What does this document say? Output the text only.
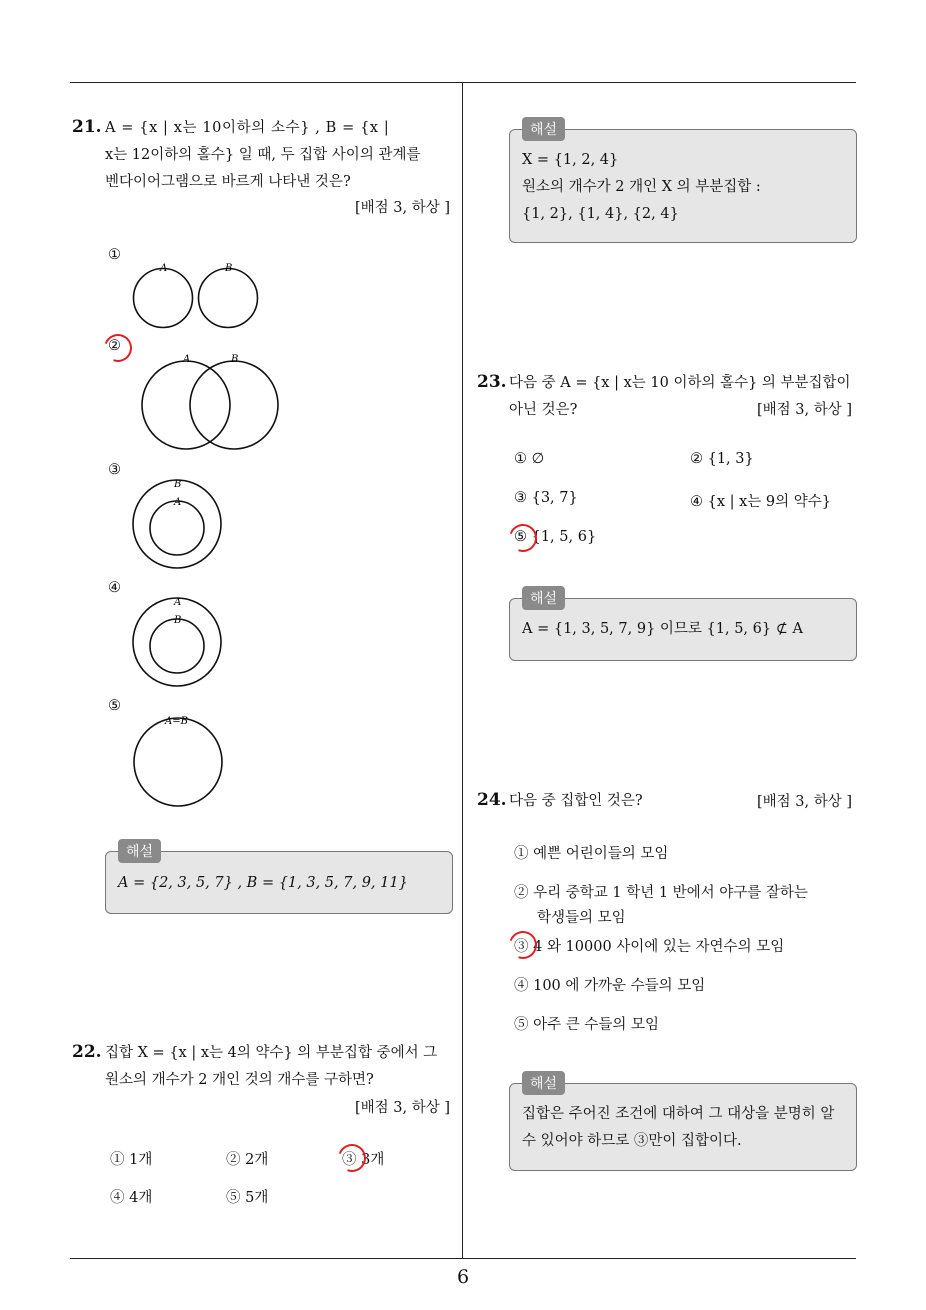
6
21. A = {x | x는 10이하의 소수} , B = {x |
x는 12이하의 홀수} 일 때, 두 집합 사이의 관계를
벤다이어그램으로 바르게 나타낸 것은?
[배점 3, 하상 ]
①
A	B
②
A	B
③
B
A
④
A
B
⑤
A=B
A = {2, 3, 5, 7} , B = {1, 3, 5, 7, 9, 11}
해설
22. 집합 X = {x | x는 4의 약수} 의 부분집합 중에서 그
원소의 개수가 2 개인 것의 개수를 구하면?
[배점 3, 하상 ]
① 1개	② 2개	③ 3개
④ 4개	⑤ 5개
X = {1, 2, 4}
원소의 개수가 2 개인 X 의 부분집합 :
{1, 2}, {1, 4}, {2, 4}
해설
23. 다음 중 A = {x | x는 10 이하의 홀수} 의 부분집합이
아닌 것은?	[배점 3, 하상 ]
① ∅	② {1, 3}
③ {3, 7}	④ {x | x는 9의 약수}
⑤ {1, 5, 6}
A = {1, 3, 5, 7, 9} 이므로 {1, 5, 6} ⊄ A
해설
24. 다음 중 집합인 것은?	[배점 3, 하상 ]
① 예쁜 어린이들의 모임
② 우리 중학교 1 학년 1 반에서 야구를 잘하는
학생들의 모임
③ 4 와 10000 사이에 있는 자연수의 모임
④ 100 에 가까운 수들의 모임
⑤ 아주 큰 수들의 모임
집합은 주어진 조건에 대하여 그 대상을 분명히 알
수 있어야 하므로 ③만이 집합이다.
해설
